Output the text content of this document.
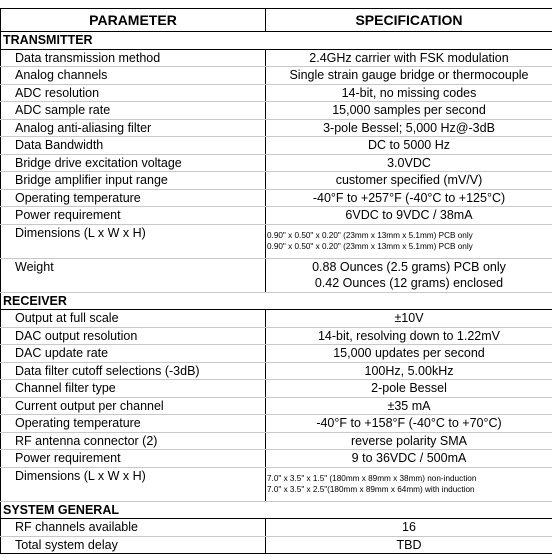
PARAMETER	SPECIFICATION
TRANSMITTER	
Data transmission method	2.4GHz carrier with FSK modulation
Analog channels	Single strain gauge bridge or thermocouple
ADC resolution	14-bit, no missing codes
ADC sample rate	15,000 samples per second
Analog anti-aliasing filter	3-pole Bessel; 5,000 Hz@-3dB
Data Bandwidth	DC to 5000 Hz
Bridge drive excitation voltage	3.0VDC
Bridge amplifier input range	customer specified (mV/V)
Operating temperature	-40°F to +257°F (-40°C to +125°C)
Power requirement	6VDC to 9VDC / 38mA
Dimensions (L x W x H)	0.90" x 0.50" x 0.20" (23mm x 13mm x 5.1mm) PCB only
0.90" x 0.50" x 0.20" (23mm x 13mm x 5.1mm) PCB only

Weight	0.88 Ounces (2.5 grams) PCB only
0.42 Ounces (12 grams) enclosed

RECEIVER	
Output at full scale	±10V
DAC output resolution	14-bit, resolving down to 1.22mV
DAC update rate	15,000 updates per second
Data filter cutoff selections (-3dB)	100Hz, 5.00kHz
Channel filter type	2-pole Bessel
Current output per channel	±35 mA
Operating temperature	-40°F to +158°F (-40°C to +70°C)
RF antenna connector (2)	reverse polarity SMA
Power requirement	9 to 36VDC / 500mA
Dimensions (L x W x H)	7.0" x 3.5" x 1.5" (180mm x 89mm x 38mm) non-induction
7.0" x 3.5" x 2.5"(180mm x 89mm x 64mm) with induction

SYSTEM GENERAL	
RF channels available	16
Total system delay	TBD
